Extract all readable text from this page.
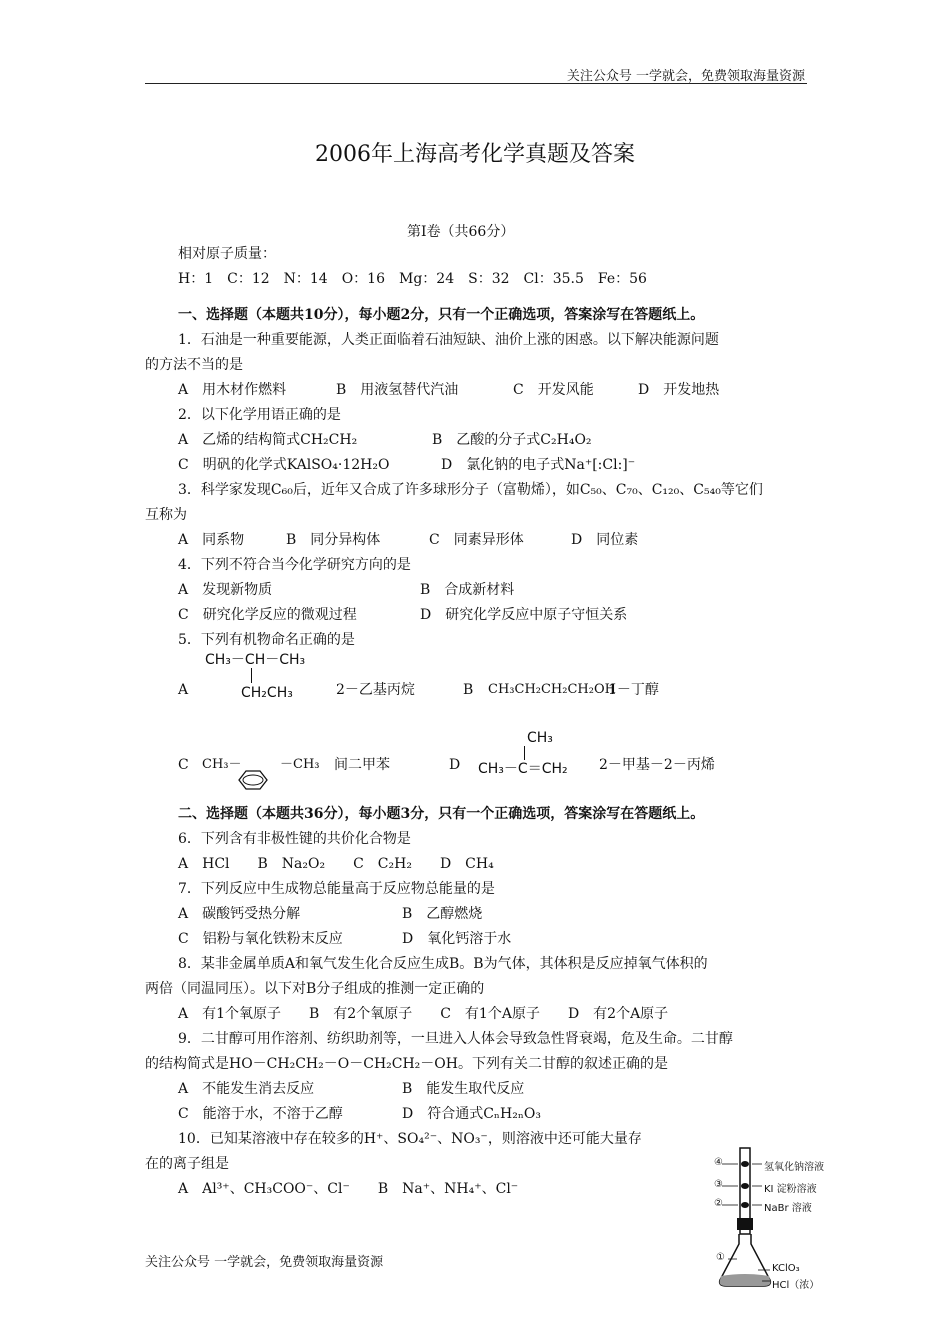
关注公众号 一学就会，免费领取海量资源
2006年上海高考化学真题及答案
第Ⅰ卷（共66分）
相对原子质量：
H：1　C：12　N：14　O：16　Mg：24　S：32　Cl：35.5　Fe：56
一、选择题（本题共10分），每小题2分，只有一个正确选项，答案涂写在答题纸上。
1．石油是一种重要能源，人类正面临着石油短缺、油价上涨的困惑。以下解决能源问题
的方法不当的是
A　用木材作燃料	B　用液氢替代汽油	C　开发风能	D　开发地热
2．以下化学用语正确的是
A　乙烯的结构简式CH₂CH₂	B　乙酸的分子式C₂H₄O₂
C　明矾的化学式KAlSO₄·12H₂O	D　氯化钠的电子式Na⁺[:Cl:]⁻
3．科学家发现C₆₀后，近年又合成了许多球形分子（富勒烯），如C₅₀、C₇₀、C₁₂₀、C₅₄₀等它们
互称为
A　同系物	B　同分异构体	C　同素异形体	D　同位素
4．下列不符合当今化学研究方向的是
A　发现新物质	B　合成新材料
C　研究化学反应的微观过程	D　研究化学反应中原子守恒关系
5．下列有机物命名正确的是
CH₃－CH－CH₃
A	CH₂CH₃	2－乙基丙烷	B CH₃CH₂CH₂CH₂OH
1－丁醇
C CH₃－	－CH₃ 间二甲苯	D
CH₃
CH₃－C＝CH₂ 2－甲基－2－丙烯
二、选择题（本题共36分），每小题3分，只有一个正确选项，答案涂写在答题纸上。
6．下列含有非极性键的共价化合物是
A　HCl　　B　Na₂O₂　　C　C₂H₂　　D　CH₄
7．下列反应中生成物总能量高于反应物总能量的是
A　碳酸钙受热分解	B　乙醇燃烧
C　铝粉与氧化铁粉末反应	D　氧化钙溶于水
8．某非金属单质A和氧气发生化合反应生成B。B为气体，其体积是反应掉氧气体积的
两倍（同温同压）。以下对B分子组成的推测一定正确的
A　有1个氧原子　　B　有2个氧原子　　C　有1个A原子　　D　有2个A原子
9．二甘醇可用作溶剂、纺织助剂等，一旦进入人体会导致急性肾衰竭，危及生命。二甘醇
的结构简式是HO－CH₂CH₂－O－CH₂CH₂－OH。下列有关二甘醇的叙述正确的是
A　不能发生消去反应	B　能发生取代反应
C　能溶于水，不溶于乙醇	D　符合通式CₙH₂ₙO₃
10．已知某溶液中存在较多的H⁺、SO₄²⁻、NO₃⁻，则溶液中还可能大量存
在的离子组是
A　Al³⁺、CH₃COO⁻、Cl⁻　　B　Na⁺、NH₄⁺、Cl⁻
④	氢氧化钠溶液
③	KI 淀粉溶液
②	NaBr 溶液
①
KClO₃
HCl（浓）
关注公众号 一学就会，免费领取海量资源
